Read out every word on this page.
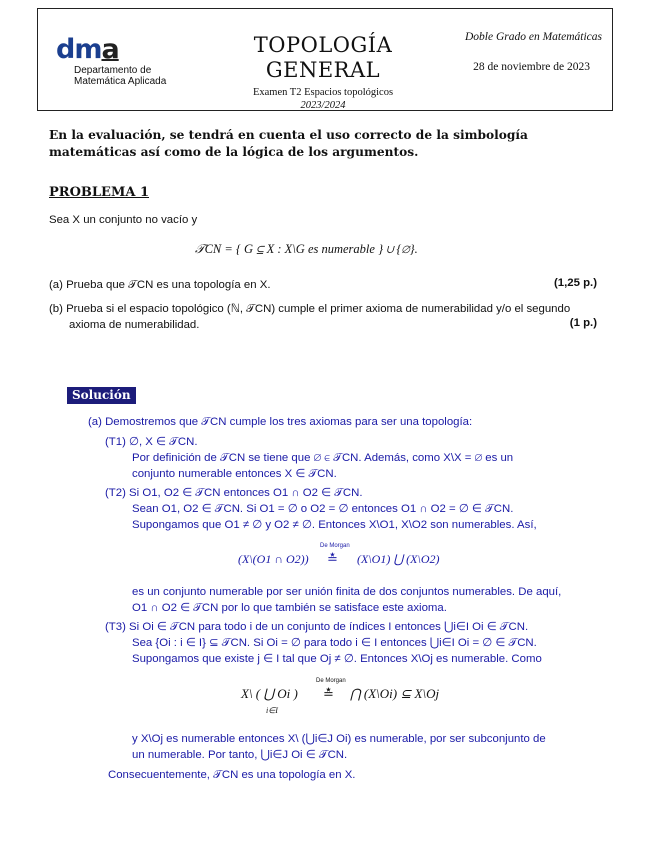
dma
Departamento de
Matemática Aplicada
TOPOLOGÍA
GENERAL
Examen T2 Espacios topológicos
2023/2024
Doble Grado en Matemáticas
28 de noviembre de 2023
En la evaluación, se tendrá en cuenta el uso correcto de la simbología matemáticas así como de la lógica de los argumentos.
PROBLEMA 1
Sea X un conjunto no vacío y
𝒯CN = { G ⊆ X : X\G es numerable } ∪ {∅}.
(a) Prueba que 𝒯CN es una topología en X.	(1,25 p.)
(b) Prueba si el espacio topológico (ℕ, 𝒯CN) cumple el primer axioma de numerabilidad y/o el segundo
axioma de numerabilidad.	(1 p.)
Solución
(a) Demostremos que 𝒯CN cumple los tres axiomas para ser una topología:
(T1) ∅, X ∈ 𝒯CN.
Por definición de 𝒯CN se tiene que ∅ ∈ 𝒯CN. Además, como X\X = ∅ es un
conjunto numerable entonces X ∈ 𝒯CN.
(T2) Si O1, O2 ∈ 𝒯CN entonces O1 ∩ O2 ∈ 𝒯CN.
Sean O1, O2 ∈ 𝒯CN. Si O1 = ∅ o O2 = ∅ entonces O1 ∩ O2 = ∅ ∈ 𝒯CN.
Supongamos que O1 ≠ ∅ y O2 ≠ ∅. Entonces X\O1, X\O2 son numerables. Así,
(X\(O1 ∩ O2))
De Morgan
≛ (X\O1) ⋃ (X\O2)
es un conjunto numerable por ser unión finita de dos conjuntos numerables. De aquí,
O1 ∩ O2 ∈ 𝒯CN por lo que también se satisface este axioma.
(T3) Si Oi ∈ 𝒯CN para todo i de un conjunto de índices I entonces ⋃i∈I Oi ∈ 𝒯CN.
Sea {Oi : i ∈ I} ⊆ 𝒯CN. Si Oi = ∅ para todo i ∈ I entonces ⋃i∈I Oi = ∅ ∈ 𝒯CN.
Supongamos que existe j ∈ I tal que Oj ≠ ∅. Entonces X\Oj es numerable. Como
X\ ( ⋃ Oi )
i∈I
De Morgan
≛ ⋂ (X\Oi) ⊆ X\Oj
y X\Oj es numerable entonces X\ (⋃i∈J Oi) es numerable, por ser subconjunto de
un numerable. Por tanto, ⋃i∈J Oi ∈ 𝒯CN.
Consecuentemente, 𝒯CN es una topología en X.
